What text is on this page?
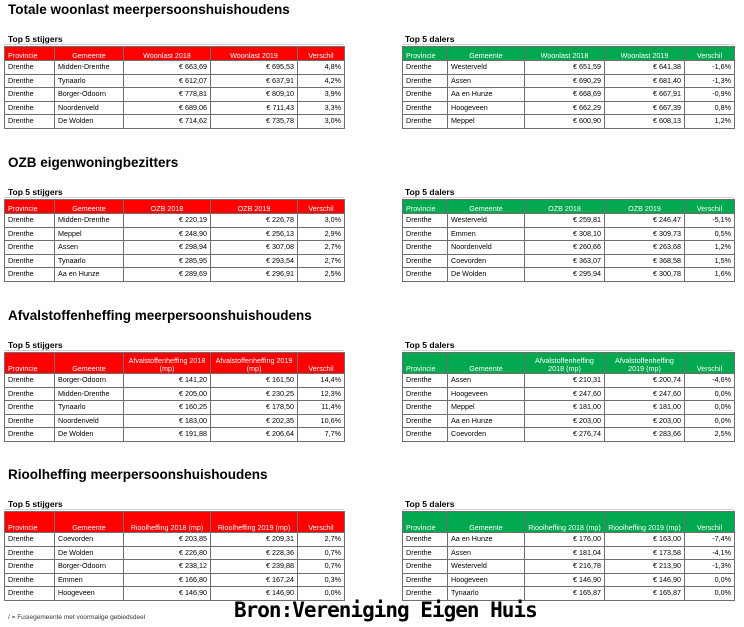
Totale woonlast meerpersoonshuishoudens
Top 5 stijgers	Top 5 dalers
Provincie	Gemeente	Woonlast 2018	Woonlast 2019	Verschil
Drenthe	Midden-Drenthe	€ 663,69	€ 695,53	4,8%
Drenthe	Tynaarlo	€ 612,07	€ 637,91	4,2%
Drenthe	Borger-Odoorn	€ 778,81	€ 809,10	3,9%
Drenthe	Noordenveld	€ 689,06	€ 711,43	3,3%
Drenthe	De Wolden	€ 714,62	€ 735,78	3,0%
Provincie	Gemeente	Woonlast 2018	Woonlast 2019	Verschil
Drenthe	Westerveld	€ 651,59	€ 641,38	-1,6%
Drenthe	Assen	€ 690,29	€ 681,40	-1,3%
Drenthe	Aa en Hunze	€ 668,69	€ 667,91	-0,9%
Drenthe	Hoogeveen	€ 662,29	€ 667,39	0,8%
Drenthe	Meppel	€ 600,90	€ 608,13	1,2%
OZB eigenwoningbezitters
Top 5 stijgers	Top 5 dalers
Provincie	Gemeente	OZB 2018	OZB 2019	Verschil
Drenthe	Midden-Drenthe	€ 220,19	€ 226,78	3,0%
Drenthe	Meppel	€ 248,90	€ 256,13	2,9%
Drenthe	Assen	€ 298,94	€ 307,08	2,7%
Drenthe	Tynaarlo	€ 285,95	€ 293,54	2,7%
Drenthe	Aa en Hunze	€ 289,69	€ 296,91	2,5%
Provincie	Gemeente	OZB 2018	OZB 2019	Verschil
Drenthe	Westerveld	€ 259,81	€ 246,47	-5,1%
Drenthe	Emmen	€ 308,10	€ 309,73	0,5%
Drenthe	Noordenveld	€ 260,66	€ 263,68	1,2%
Drenthe	Coevorden	€ 363,07	€ 368,58	1,5%
Drenthe	De Wolden	€ 295,94	€ 300,78	1,6%
Afvalstoffenheffing meerpersoonshuishoudens
Top 5 stijgers	Top 5 dalers
Provincie	Gemeente	Afvalstoffenheffing 2018 (mp)	Afvalstoffenheffing 2019 (mp)	Verschil
Drenthe	Borger-Odoorn	€ 141,20	€ 161,50	14,4%
Drenthe	Midden-Drenthe	€ 205,00	€ 230,25	12,3%
Drenthe	Tynaarlo	€ 160,25	€ 178,50	11,4%
Drenthe	Noordenveld	€ 183,00	€ 202,35	10,6%
Drenthe	De Wolden	€ 191,88	€ 206,64	7,7%
Provincie	Gemeente	Afvalstoffenheffing 2018 (mp)	Afvalstoffenheffing 2019 (mp)	Verschil
Drenthe	Assen	€ 210,31	€ 200,74	-4,6%
Drenthe	Hoogeveen	€ 247,60	€ 247,60	0,0%
Drenthe	Meppel	€ 181,00	€ 181,00	0,0%
Drenthe	Aa en Hunze	€ 203,00	€ 203,00	0,0%
Drenthe	Coevorden	€ 276,74	€ 283,66	2,5%
Rioolheffing meerpersoonshuishoudens
Top 5 stijgers	Top 5 dalers
Provincie	Gemeente	Rioolheffing 2018 (mp)	Rioolheffing 2019 (mp)	Verschil
Drenthe	Coevorden	€ 203,85	€ 209,31	2,7%
Drenthe	De Wolden	€ 226,80	€ 228,36	0,7%
Drenthe	Borger-Odoorn	€ 238,12	€ 239,88	0,7%
Drenthe	Emmen	€ 166,80	€ 167,24	0,3%
Drenthe	Hoogeveen	€ 146,90	€ 146,90	0,0%
Provincie	Gemeente	Rioolheffing 2018 (mp)	Rioolheffing 2019 (mp)	Verschil
Drenthe	Aa en Hunze	€ 176,00	€ 163,00	-7,4%
Drenthe	Assen	€ 181,04	€ 173,58	-4,1%
Drenthe	Westerveld	€ 216,78	€ 213,90	-1,3%
Drenthe	Hoogeveen	€ 146,90	€ 146,90	0,0%
Drenthe	Tynaarlo	€ 165,87	€ 165,87	0,0%
/ = Fusiegemeente met voormalige gebiedsdeel	Bron:Vereniging Eigen Huis
